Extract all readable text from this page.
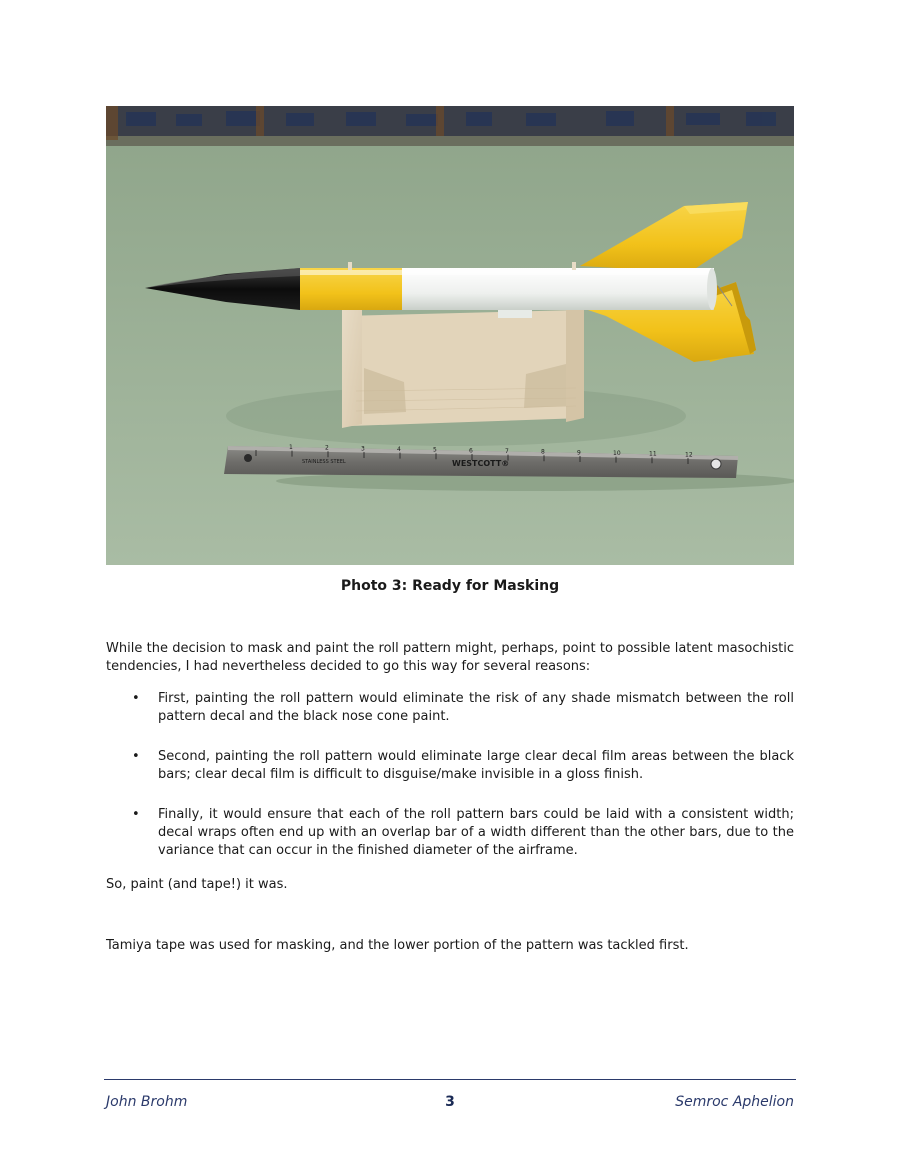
WESTCOTT®
STAINLESS STEEL
1	2	3	4	5	6	7	8	9	10	11	12
Photo 3: Ready for Masking
While the decision to mask and paint the roll pattern might, perhaps, point to possible latent masochistic tendencies, I had nevertheless decided to go this way for several reasons:
• First, painting the roll pattern would eliminate the risk of any shade mismatch between the roll pattern decal and the black nose cone paint.
• Second, painting the roll pattern would eliminate large clear decal film areas between the black bars; clear decal film is difficult to disguise/make invisible in a gloss finish.
• Finally, it would ensure that each of the roll pattern bars could be laid with a consistent width; decal wraps often end up with an overlap bar of a width different than the other bars, due to the variance that can occur in the finished diameter of the airframe.
So, paint (and tape!) it was.
Tamiya tape was used for masking, and the lower portion of the pattern was tackled first.
John Brohm	3	Semroc Aphelion
